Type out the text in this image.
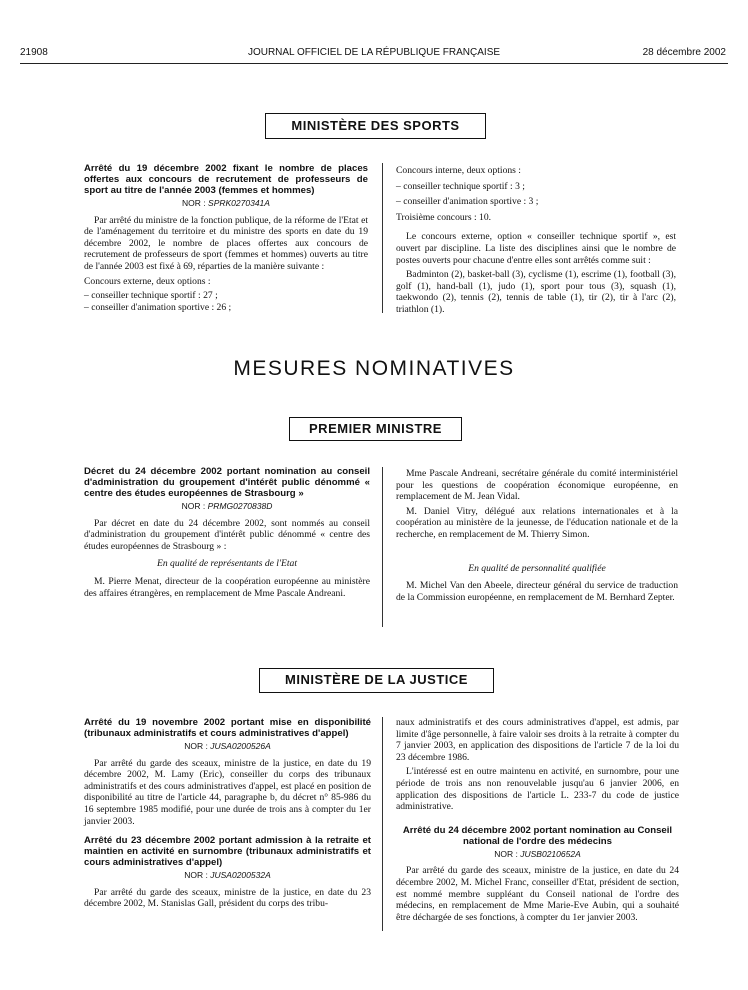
21908	JOURNAL OFFICIEL DE LA RÉPUBLIQUE FRANÇAISE	28 décembre 2002
MINISTÈRE DES SPORTS
Arrêté du 19 décembre 2002 fixant le nombre de places offertes aux concours de recrutement de professeurs de sport au titre de l'année 2003 (femmes et hommes)
NOR : SPRK0270341A

Par arrêté du ministre de la fonction publique, de la réforme de l'Etat et de l'aménagement du territoire et du ministre des sports en date du 19 décembre 2002, le nombre de places offertes aux concours de recrutement de professeurs de sport (femmes et hommes) ouverts au titre de l'année 2003 est fixé à 69, réparties de la manière suivante :

Concours externe, deux options :

– conseiller technique sportif : 27 ;

– conseiller d'animation sportive : 26 ;

Concours interne, deux options :

– conseiller technique sportif : 3 ;

– conseiller d'animation sportive : 3 ;

Troisième concours : 10.

Le concours externe, option « conseiller technique sportif », est ouvert par discipline. La liste des disciplines ainsi que le nombre de postes ouverts pour chacune d'entre elles sont arrêtés comme suit :

Badminton (2), basket-ball (3), cyclisme (1), escrime (1), football (3), golf (1), hand-ball (1), judo (1), sport pour tous (3), squash (1), taekwondo (2), tennis (2), tennis de table (1), tir (2), tir à l'arc (2), triathlon (1).

MESURES NOMINATIVES
PREMIER MINISTRE
Décret du 24 décembre 2002 portant nomination au conseil d'administration du groupement d'intérêt public dénommé « centre des études européennes de Strasbourg »
NOR : PRMG0270838D

Par décret en date du 24 décembre 2002, sont nommés au conseil d'administration du groupement d'intérêt public dénommé « centre des études européennes de Strasbourg » :

En qualité de représentants de l'Etat

M. Pierre Menat, directeur de la coopération européenne au ministère des affaires étrangères, en remplacement de Mme Pascale Andreani.

Mme Pascale Andreani, secrétaire générale du comité interministériel pour les questions de coopération économique européenne, en remplacement de M. Jean Vidal.

M. Daniel Vitry, délégué aux relations internationales et à la coopération au ministère de la jeunesse, de l'éducation nationale et de la recherche, en remplacement de M. Thierry Simon.

En qualité de personnalité qualifiée

M. Michel Van den Abeele, directeur général du service de traduction de la Commission européenne, en remplacement de M. Bernhard Zepter.

MINISTÈRE DE LA JUSTICE
Arrêté du 19 novembre 2002 portant mise en disponibilité (tribunaux administratifs et cours administratives d'appel)
NOR : JUSA0200526A

Par arrêté du garde des sceaux, ministre de la justice, en date du 19 décembre 2002, M. Lamy (Eric), conseiller du corps des tribunaux administratifs et des cours administratives d'appel, est placé en position de disponibilité au titre de l'article 44, paragraphe b, du décret n° 85-986 du 16 septembre 1985 modifié, pour une durée de trois ans à compter du 1er janvier 2003.

Arrêté du 23 décembre 2002 portant admission à la retraite et maintien en activité en surnombre (tribunaux administratifs et cours administratives d'appel)
NOR : JUSA0200532A

Par arrêté du garde des sceaux, ministre de la justice, en date du 23 décembre 2002, M. Stanislas Gall, président du corps des tribu-

naux administratifs et des cours administratives d'appel, est admis, par limite d'âge personnelle, à faire valoir ses droits à la retraite à compter du 7 janvier 2003, en application des dispositions de l'article 7 de la loi du 23 décembre 1986.

L'intéressé est en outre maintenu en activité, en surnombre, pour une période de trois ans non renouvelable jusqu'au 6 janvier 2006, en application des dispositions de l'article L. 233-7 du code de justice administrative.

Arrêté du 24 décembre 2002 portant nomination au Conseil national de l'ordre des médecins
NOR : JUSB0210652A

Par arrêté du garde des sceaux, ministre de la justice, en date du 24 décembre 2002, M. Michel Franc, conseiller d'Etat, président de section, est nommé membre suppléant du Conseil national de l'ordre des médecins, en remplacement de Mme Marie-Eve Aubin, qui a souhaité être déchargée de ses fonctions, à compter du 1er janvier 2003.
